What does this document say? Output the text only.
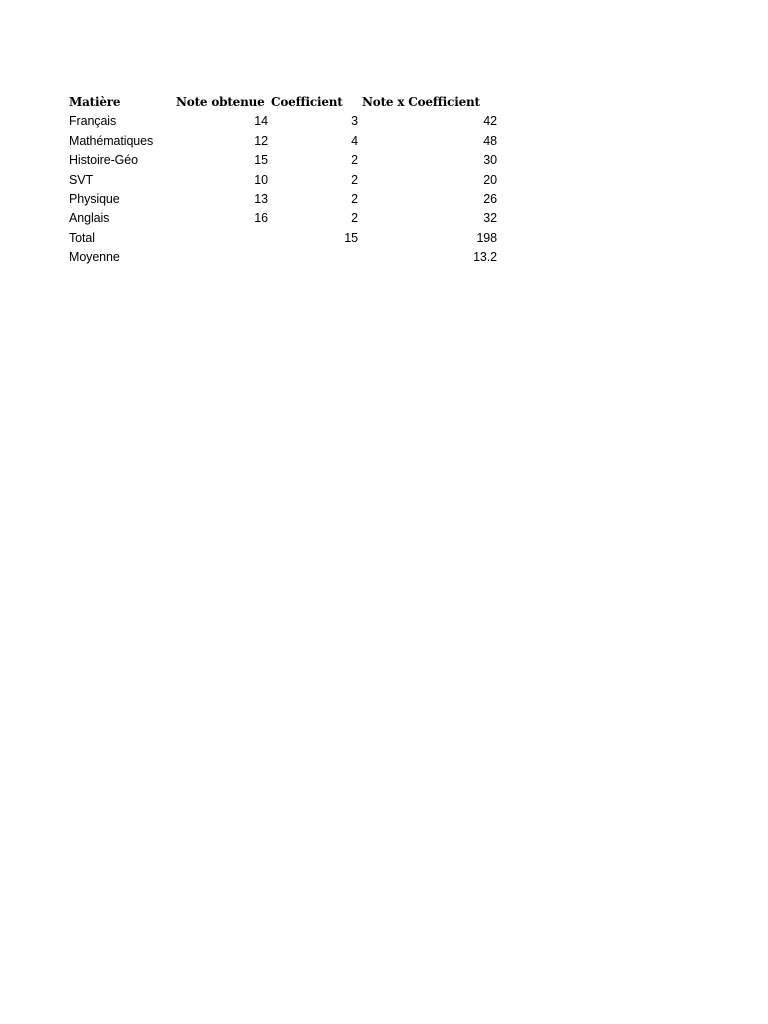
Matière	Note obtenue	Coefficient	Note x Coefficient
Français	14	3	42
Mathématiques	12	4	48
Histoire-Géo	15	2	30
SVT	10	2	20
Physique	13	2	26
Anglais	16	2	32
Total		15	198
Moyenne			13.2
